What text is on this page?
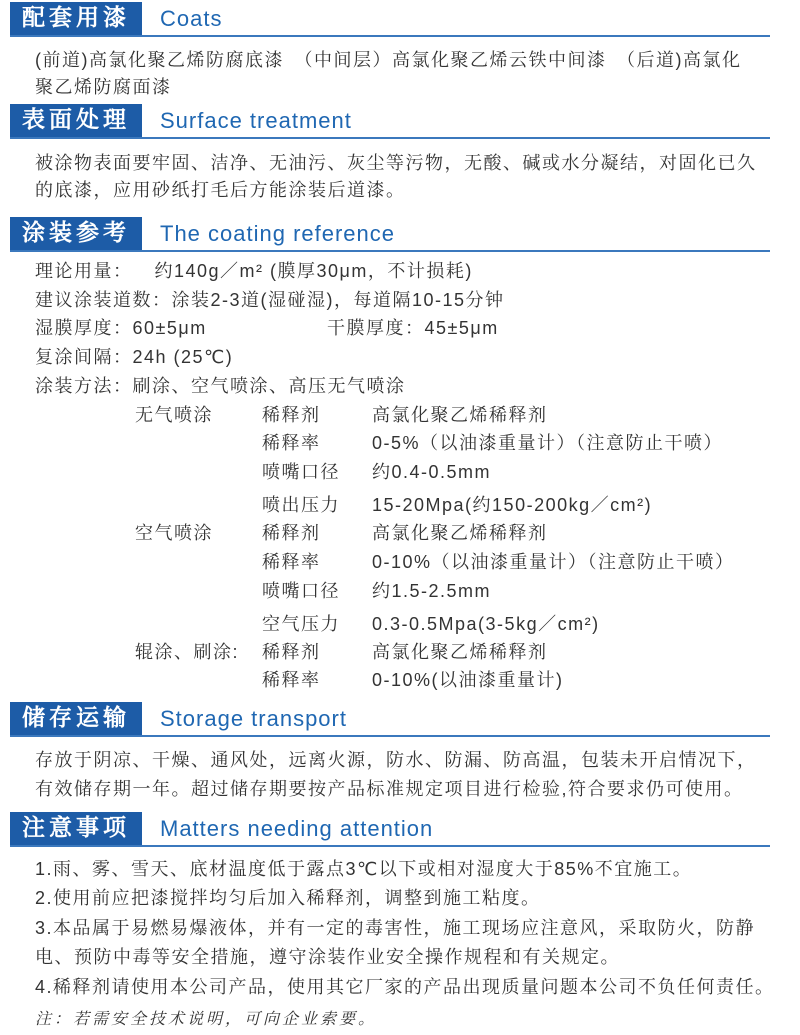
配套用漆	Coats
(前道)高氯化聚乙烯防腐底漆　（中间层）高氯化聚乙烯云铁中间漆　（后道)高氯化
聚乙烯防腐面漆
表面处理	Surface treatment
被涂物表面要牢固、洁净、无油污、灰尘等污物，无酸、碱或水分凝结，对固化已久
的底漆，应用砂纸打毛后方能涂装后道漆。
涂装参考	The coating reference
理论用量： 约140g／m² (膜厚30μm，不计损耗)
建议涂装道数：涂装2-3道(湿碰湿)，每道隔10-15分钟
湿膜厚度：60±5μm	干膜厚度：45±5μm
复涂间隔：24h (25℃)
涂装方法：刷涂、空气喷涂、高压无气喷涂
无气喷涂	稀释剂	高氯化聚乙烯稀释剂
稀释率	0-5%（以油漆重量计）（注意防止干喷）
喷嘴口径 约0.4-0.5mm
喷出压力 15-20Mpa(约150-200kg／cm²)
空气喷涂	稀释剂	高氯化聚乙烯稀释剂
稀释率	0-10%（以油漆重量计）（注意防止干喷）
喷嘴口径 约1.5-2.5mm
空气压力 0.3-0.5Mpa(3-5kg／cm²)
辊涂、刷涂: 稀释剂	高氯化聚乙烯稀释剂
稀释率	0-10%(以油漆重量计)
储存运输	Storage transport
存放于阴凉、干燥、通风处，远离火源，防水、防漏、防高温，包装未开启情况下，
有效储存期一年。超过储存期要按产品标准规定项目进行检验,符合要求仍可使用。
注意事项	Matters needing attention
1.雨、雾、雪天、底材温度低于露点3℃以下或相对湿度大于85%不宜施工。
2.使用前应把漆搅拌均匀后加入稀释剂，调整到施工粘度。
3.本品属于易燃易爆液体，并有一定的毒害性，施工现场应注意风，采取防火，防静
电、预防中毒等安全措施，遵守涂装作业安全操作规程和有关规定。
4.稀释剂请使用本公司产品，使用其它厂家的产品出现质量问题本公司不负任何责任。
注：若需安全技术说明，可向企业索要。
